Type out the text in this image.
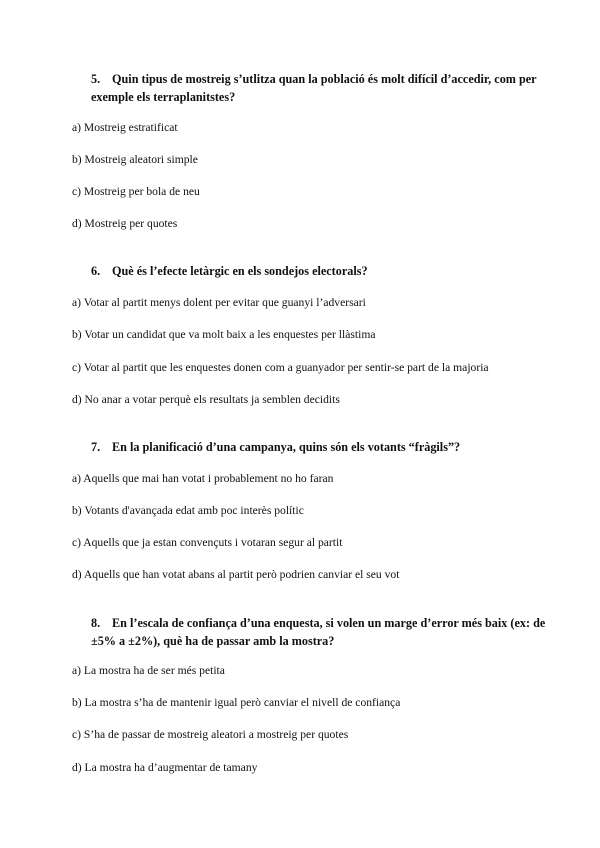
5. Quin tipus de mostreig s’utlitza quan la població és molt difícil d’accedir, com per exemple els terraplanitstes?
a) Mostreig estratificat
b) Mostreig aleatori simple
c) Mostreig per bola de neu
d) Mostreig per quotes
6. Què és l’efecte letàrgic en els sondejos electorals?
a) Votar al partit menys dolent per evitar que guanyi l’adversari
b) Votar un candidat que va molt baix a les enquestes per llàstima
c) Votar al partit que les enquestes donen com a guanyador per sentir-se part de la majoria
d) No anar a votar perquè els resultats ja semblen decidits
7. En la planificació d’una campanya, quins són els votants “fràgils”?
a) Aquells que mai han votat i probablement no ho faran
b) Votants d'avançada edat amb poc interès polític
c) Aquells que ja estan convençuts i votaran segur al partit
d) Aquells que han votat abans al partit però podrien canviar el seu vot
8. En l’escala de confiança d’una enquesta, si volen un marge d’error més baix (ex: de ±5% a ±2%), què ha de passar amb la mostra?
a) La mostra ha de ser més petita
b) La mostra s’ha de mantenir igual però canviar el nivell de confiança
c) S’ha de passar de mostreig aleatori a mostreig per quotes
d) La mostra ha d’augmentar de tamany
